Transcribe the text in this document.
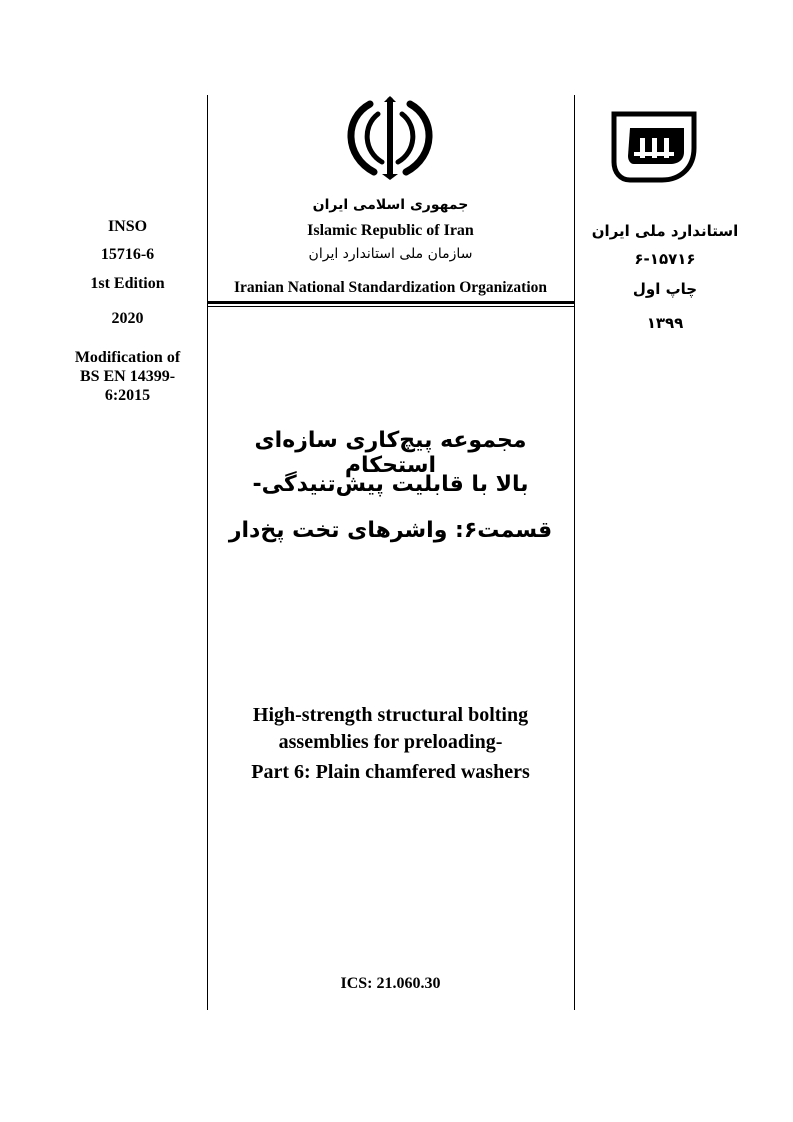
INSO
15716-6
1st Edition
2020
Modification of
BS EN 14399-
6:2015
جمهوری اسلامی ایران
Islamic Republic of Iran
سازمان ملی استاندارد ایران
Iranian National Standardization Organization
استاندارد ملی ایران
۶-۱۵۷۱۶
چاپ اول
۱۳۹۹
مجموعه پیچ‌کاری سازه‌ای استحکام
بالا با قابلیت پیش‌تنیدگی-
قسمت۶: واشرهای تخت پخ‌دار
High-strength structural bolting
assemblies for preloading-
Part 6: Plain chamfered washers
ICS: 21.060.30
